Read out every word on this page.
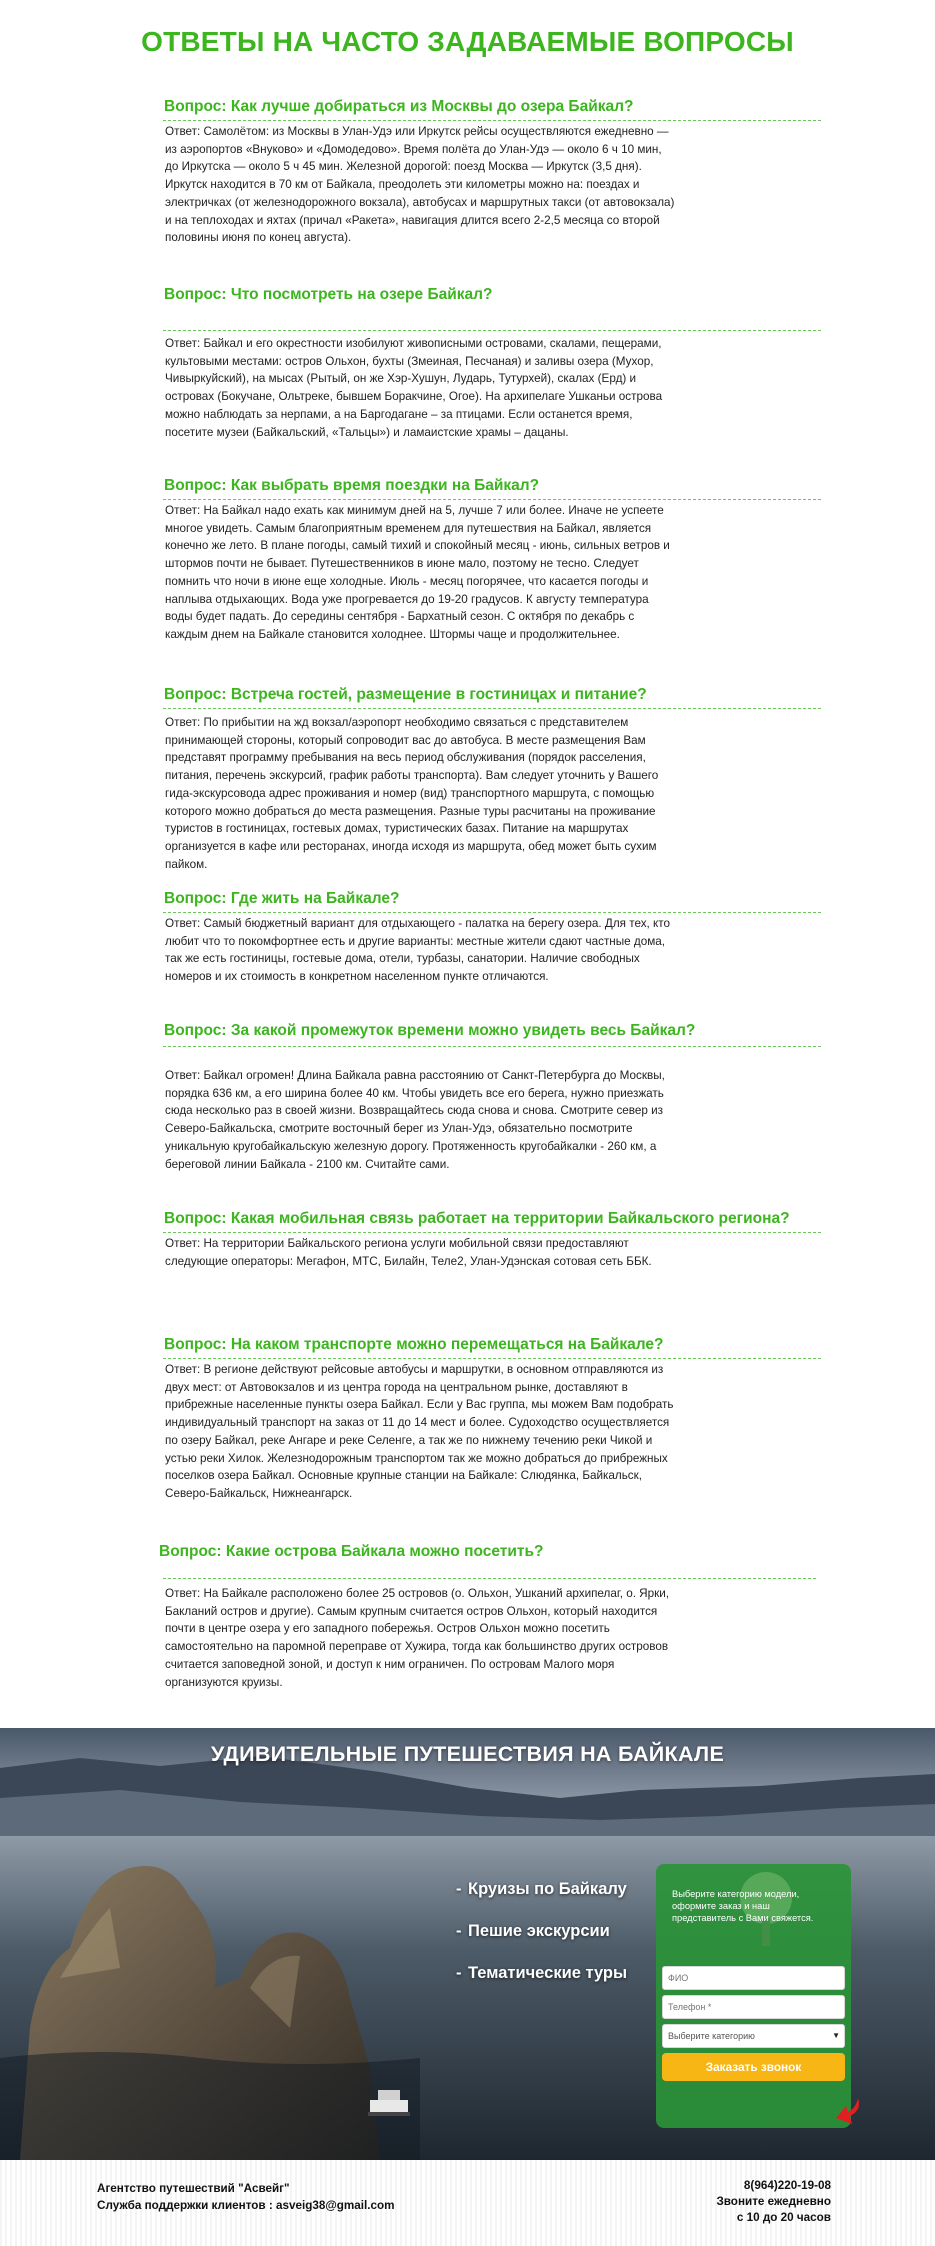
ОТВЕТЫ НА ЧАСТО ЗАДАВАЕМЫЕ ВОПРОСЫ
Вопрос: Как лучше добираться из Москвы до озера Байкал?

Ответ: Самолётом: из Москвы в Улан-Удэ или Иркутск рейсы осуществляются ежедневно — из аэропортов «Внуково» и «Домодедово». Время полёта до Улан-Удэ — около 6 ч 10 мин, до Иркутска — около 5 ч 45 мин. Железной дорогой: поезд Москва — Иркутск (3,5 дня). Иркутск находится в 70 км от Байкала, преодолеть эти километры можно на: поездах и электричках (от железнодорожного вокзала), автобусах и маршрутных такси (от автовокзала) и на теплоходах и яхтах (причал «Ракета», навигация длится всего 2-2,5 месяца со второй половины июня по конец августа).

Вопрос: Что посмотреть на озере Байкал?

Ответ: Байкал и его окрестности изобилуют живописными островами, скалами, пещерами, культовыми местами: остров Ольхон, бухты (Змеиная, Песчаная) и заливы озера (Мухор, Чивыркуйский), на мысах (Рытый, он же Хэр-Хушун, Лударь, Тутурхей), скалах (Ерд) и островах (Бокучане, Ольтреке, бывшем Боракчине, Огое). На архипелаге Ушканьи острова можно наблюдать за нерпами, а на Баргодагане – за птицами. Если останется время, посетите музеи (Байкальский, «Тальцы») и ламаистские храмы – дацаны.

Вопрос: Как выбрать время поездки на Байкал?

Ответ: На Байкал надо ехать как минимум дней на 5, лучше 7 или более. Иначе не успеете многое увидеть. Самым благоприятным временем для путешествия на Байкал, является конечно же лето. В плане погоды, самый тихий и спокойный месяц - июнь, сильных ветров и штормов почти не бывает. Путешественников в июне мало, поэтому не тесно. Следует помнить что ночи в июне еще холодные. Июль - месяц погорячее, что касается погоды и наплыва отдыхающих. Вода уже прогревается до 19-20 градусов. К августу температура воды будет падать. До середины сентября - Бархатный сезон. С октября по декабрь с каждым днем на Байкале становится холоднее. Штормы чаще и продолжительнее.

Вопрос: Встреча гостей, размещение в гостиницах и питание?

Ответ: По прибытии на жд вокзал/аэропорт необходимо связаться с представителем принимающей стороны, который сопроводит вас до автобуса. В месте размещения Вам представят программу пребывания на весь период обслуживания (порядок расселения, питания, перечень экскурсий, график работы транспорта). Вам следует уточнить у Вашего гида-экскурсовода адрес проживания и номер (вид) транспортного маршрута, с помощью которого можно добраться до места размещения. Разные туры расчитаны на проживание туристов в гостиницах, гостевых домах, туристических базах. Питание на маршрутах организуется в кафе или ресторанах, иногда исходя из маршрута, обед может быть сухим пайком.

Вопрос: Где жить на Байкале?

Ответ: Самый бюджетный вариант для отдыхающего - палатка на берегу озера. Для тех, кто любит что то покомфортнее есть и другие варианты: местные жители сдают частные дома, так же есть гостиницы, гостевые дома, отели, турбазы, санатории. Наличие свободных номеров и их стоимость в конкретном населенном пункте отличаются.

Вопрос: За какой промежуток времени можно увидеть весь Байкал?

Ответ: Байкал огромен! Длина Байкала равна расстоянию от Санкт-Петербурга до Москвы, порядка 636 км, а его ширина более 40 км. Чтобы увидеть все его берега, нужно приезжать сюда несколько раз в своей жизни. Возвращайтесь сюда снова и снова. Смотрите север из Северо-Байкальска, смотрите восточный берег из Улан-Удэ, обязательно посмотрите уникальную кругобайкальскую железную дорогу. Протяженность кругобайкалки - 260 км, а береговой линии Байкала - 2100 км. Считайте сами.

Вопрос: Какая мобильная связь работает на территории Байкальского региона?

Ответ: На территории Байкальского региона услуги мобильной связи предоставляют следующие операторы: Мегафон, МТС, Билайн, Теле2, Улан-Удэнская сотовая сеть ББК.

Вопрос: На каком транспорте можно перемещаться на Байкале?

Ответ: В регионе действуют рейсовые автобусы и маршрутки, в основном отправляются из двух мест: от Автовокзалов и из центра города на центральном рынке, доставляют в прибрежные населенные пункты озера Байкал. Если у Вас группа, мы можем Вам подобрать индивидуальный транспорт на заказ от 11 до 14 мест и более. Судоходство осуществляется по озеру Байкал, реке Ангаре и реке Селенге, а так же по нижнему течению реки Чикой и устью реки Хилок. Железнодорожным транспортом так же можно добраться до прибрежных поселков озера Байкал. Основные крупные станции на Байкале: Слюдянка, Байкальск, Северо-Байкальск, Нижнеангарск.

Вопрос: Какие острова Байкала можно посетить?

Ответ: На Байкале расположено более 25 островов (о. Ольхон, Ушканий архипелаг, о. Ярки, Бакланий остров и другие). Самым крупным считается остров Ольхон, который находится почти в центре озера у его западного побережья. Остров Ольхон можно посетить самостоятельно на паромной переправе от Хужира, тогда как большинство других островов считается заповедной зоной, и доступ к ним ограничен. По островам Малого моря организуются круизы.

УДИВИТЕЛЬНЫЕ ПУТЕШЕСТВИЯ НА БАЙКАЛЕ
- Круизы по Байкалу
- Пешие экскурсии
- Тематические туры

Выберите категорию модели, оформите заказ и наш представитель с Вами свяжется.

ФИО
Телефон *
Выберите категорию	▼
Заказать звонок
Агентство путешествий "Асвейг"
Служба поддержки клиентов : asveig38@gmail.com
8(964)220-19-08
Звоните ежедневно
с 10 до 20 часов
